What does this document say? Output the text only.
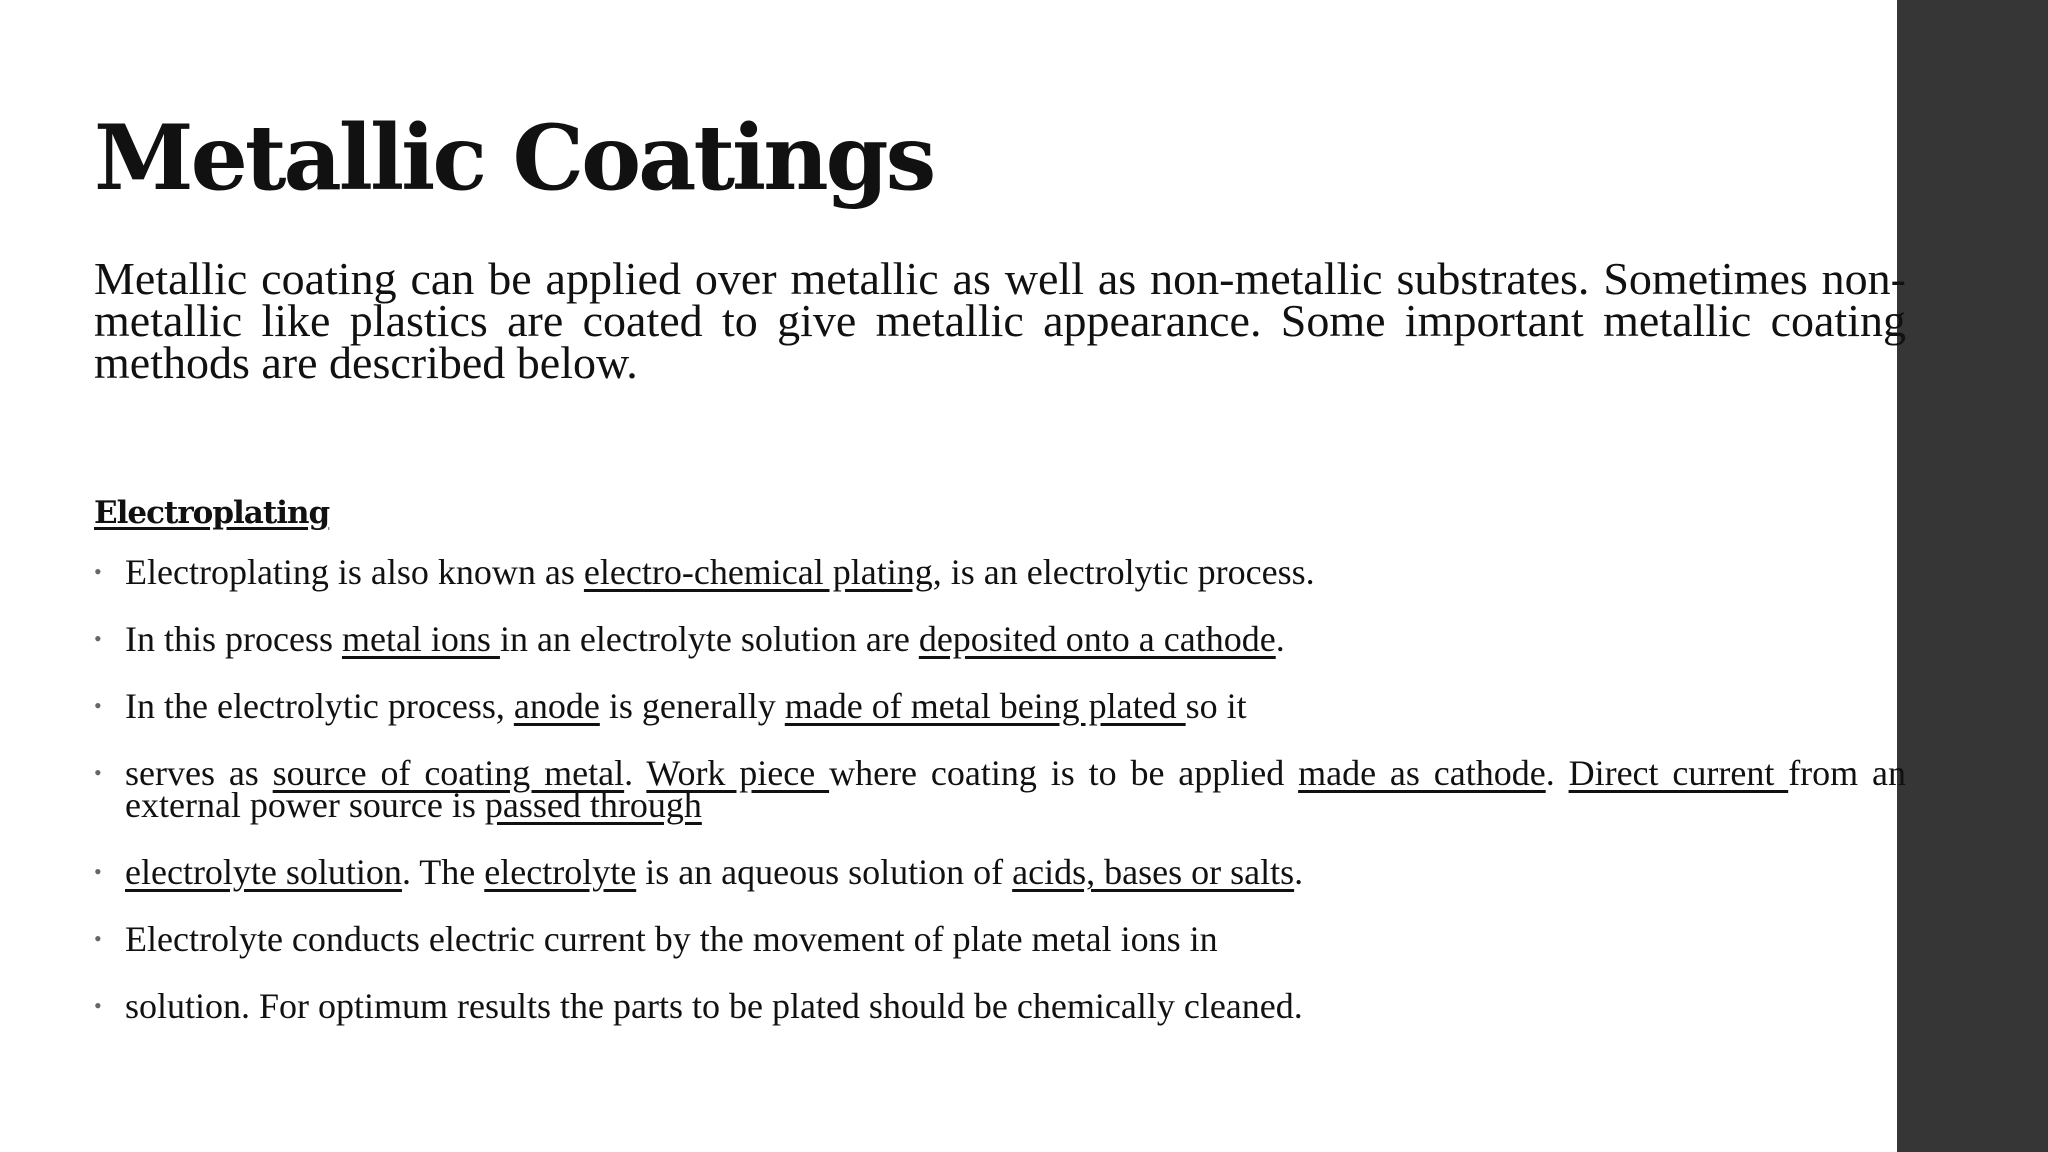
Metallic Coatings

Metallic coating can be applied over metallic as well as non-metallic substrates. Sometimes non-metallic like plastics are coated to give metallic appearance. Some important metallic coating methods are described below.

Electroplating
• Electroplating is also known as electro-chemical plating, is an electrolytic process.
• In this process metal ions in an electrolyte solution are deposited onto a cathode.
• In the electrolytic process, anode is generally made of metal being plated so it
• serves as source of coating metal. Work piece where coating is to be applied made as cathode. Direct current from an external power source is passed through
• electrolyte solution. The electrolyte is an aqueous solution of acids, bases or salts.
• Electrolyte conducts electric current by the movement of plate metal ions in
• solution. For optimum results the parts to be plated should be chemically cleaned.
